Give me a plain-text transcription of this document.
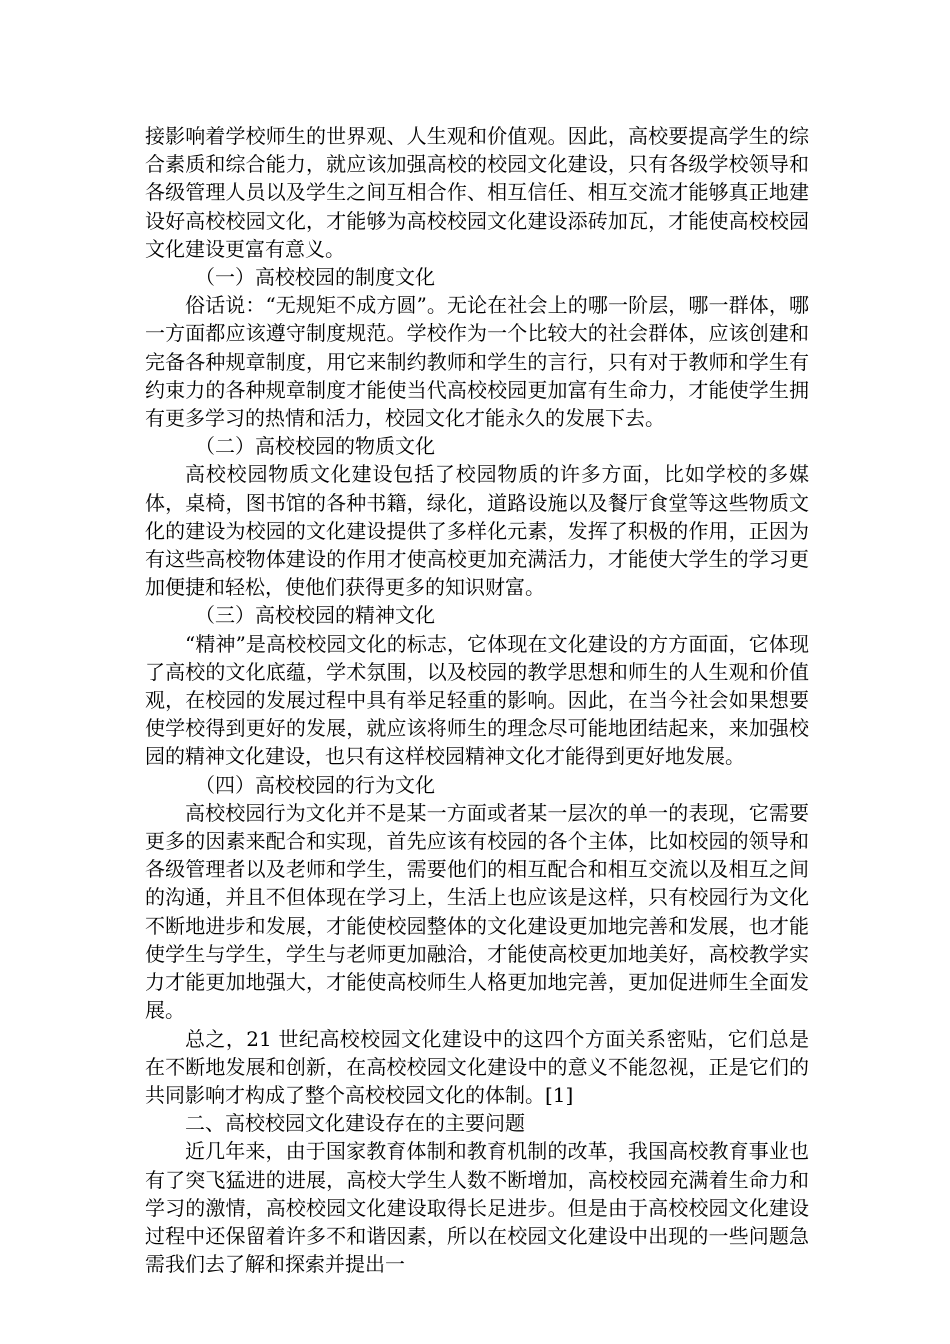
接影响着学校师生的世界观、人生观和价值观。因此，高校要提高学生的综合素质和综合能力，就应该加强高校的校园文化建设，只有各级学校领导和各级管理人员以及学生之间互相合作、相互信任、相互交流才能够真正地建设好高校校园文化，才能够为高校校园文化建设添砖加瓦，才能使高校校园文化建设更富有意义。

（一）高校校园的制度文化

俗话说：“无规矩不成方圆”。无论在社会上的哪一阶层，哪一群体，哪一方面都应该遵守制度规范。学校作为一个比较大的社会群体，应该创建和完备各种规章制度，用它来制约教师和学生的言行，只有对于教师和学生有约束力的各种规章制度才能使当代高校校园更加富有生命力，才能使学生拥有更多学习的热情和活力，校园文化才能永久的发展下去。

（二）高校校园的物质文化

高校校园物质文化建设包括了校园物质的许多方面，比如学校的多媒体，桌椅，图书馆的各种书籍，绿化，道路设施以及餐厅食堂等这些物质文化的建设为校园的文化建设提供了多样化元素，发挥了积极的作用，正因为有这些高校物体建设的作用才使高校更加充满活力，才能使大学生的学习更加便捷和轻松，使他们获得更多的知识财富。

（三）高校校园的精神文化

“精神”是高校校园文化的标志，它体现在文化建设的方方面面，它体现了高校的文化底蕴，学术氛围，以及校园的教学思想和师生的人生观和价值观，在校园的发展过程中具有举足轻重的影响。因此，在当今社会如果想要使学校得到更好的发展，就应该将师生的理念尽可能地团结起来，来加强校园的精神文化建设，也只有这样校园精神文化才能得到更好地发展。

（四）高校校园的行为文化

高校校园行为文化并不是某一方面或者某一层次的单一的表现，它需要更多的因素来配合和实现，首先应该有校园的各个主体，比如校园的领导和各级管理者以及老师和学生，需要他们的相互配合和相互交流以及相互之间的沟通，并且不但体现在学习上，生活上也应该是这样，只有校园行为文化不断地进步和发展，才能使校园整体的文化建设更加地完善和发展，也才能使学生与学生，学生与老师更加融洽，才能使高校更加地美好，高校教学实力才能更加地强大，才能使高校师生人格更加地完善，更加促进师生全面发展。

总之，21 世纪高校校园文化建设中的这四个方面关系密贴，它们总是在不断地发展和创新，在高校校园文化建设中的意义不能忽视，正是它们的共同影响才构成了整个高校校园文化的体制。[1]

二、高校校园文化建设存在的主要问题

近几年来，由于国家教育体制和教育机制的改革，我国高校教育事业也有了突飞猛进的进展，高校大学生人数不断增加，高校校园充满着生命力和学习的激情，高校校园文化建设取得长足进步。但是由于高校校园文化建设过程中还保留着许多不和谐因素，所以在校园文化建设中出现的一些问题急需我们去了解和探索并提出一
